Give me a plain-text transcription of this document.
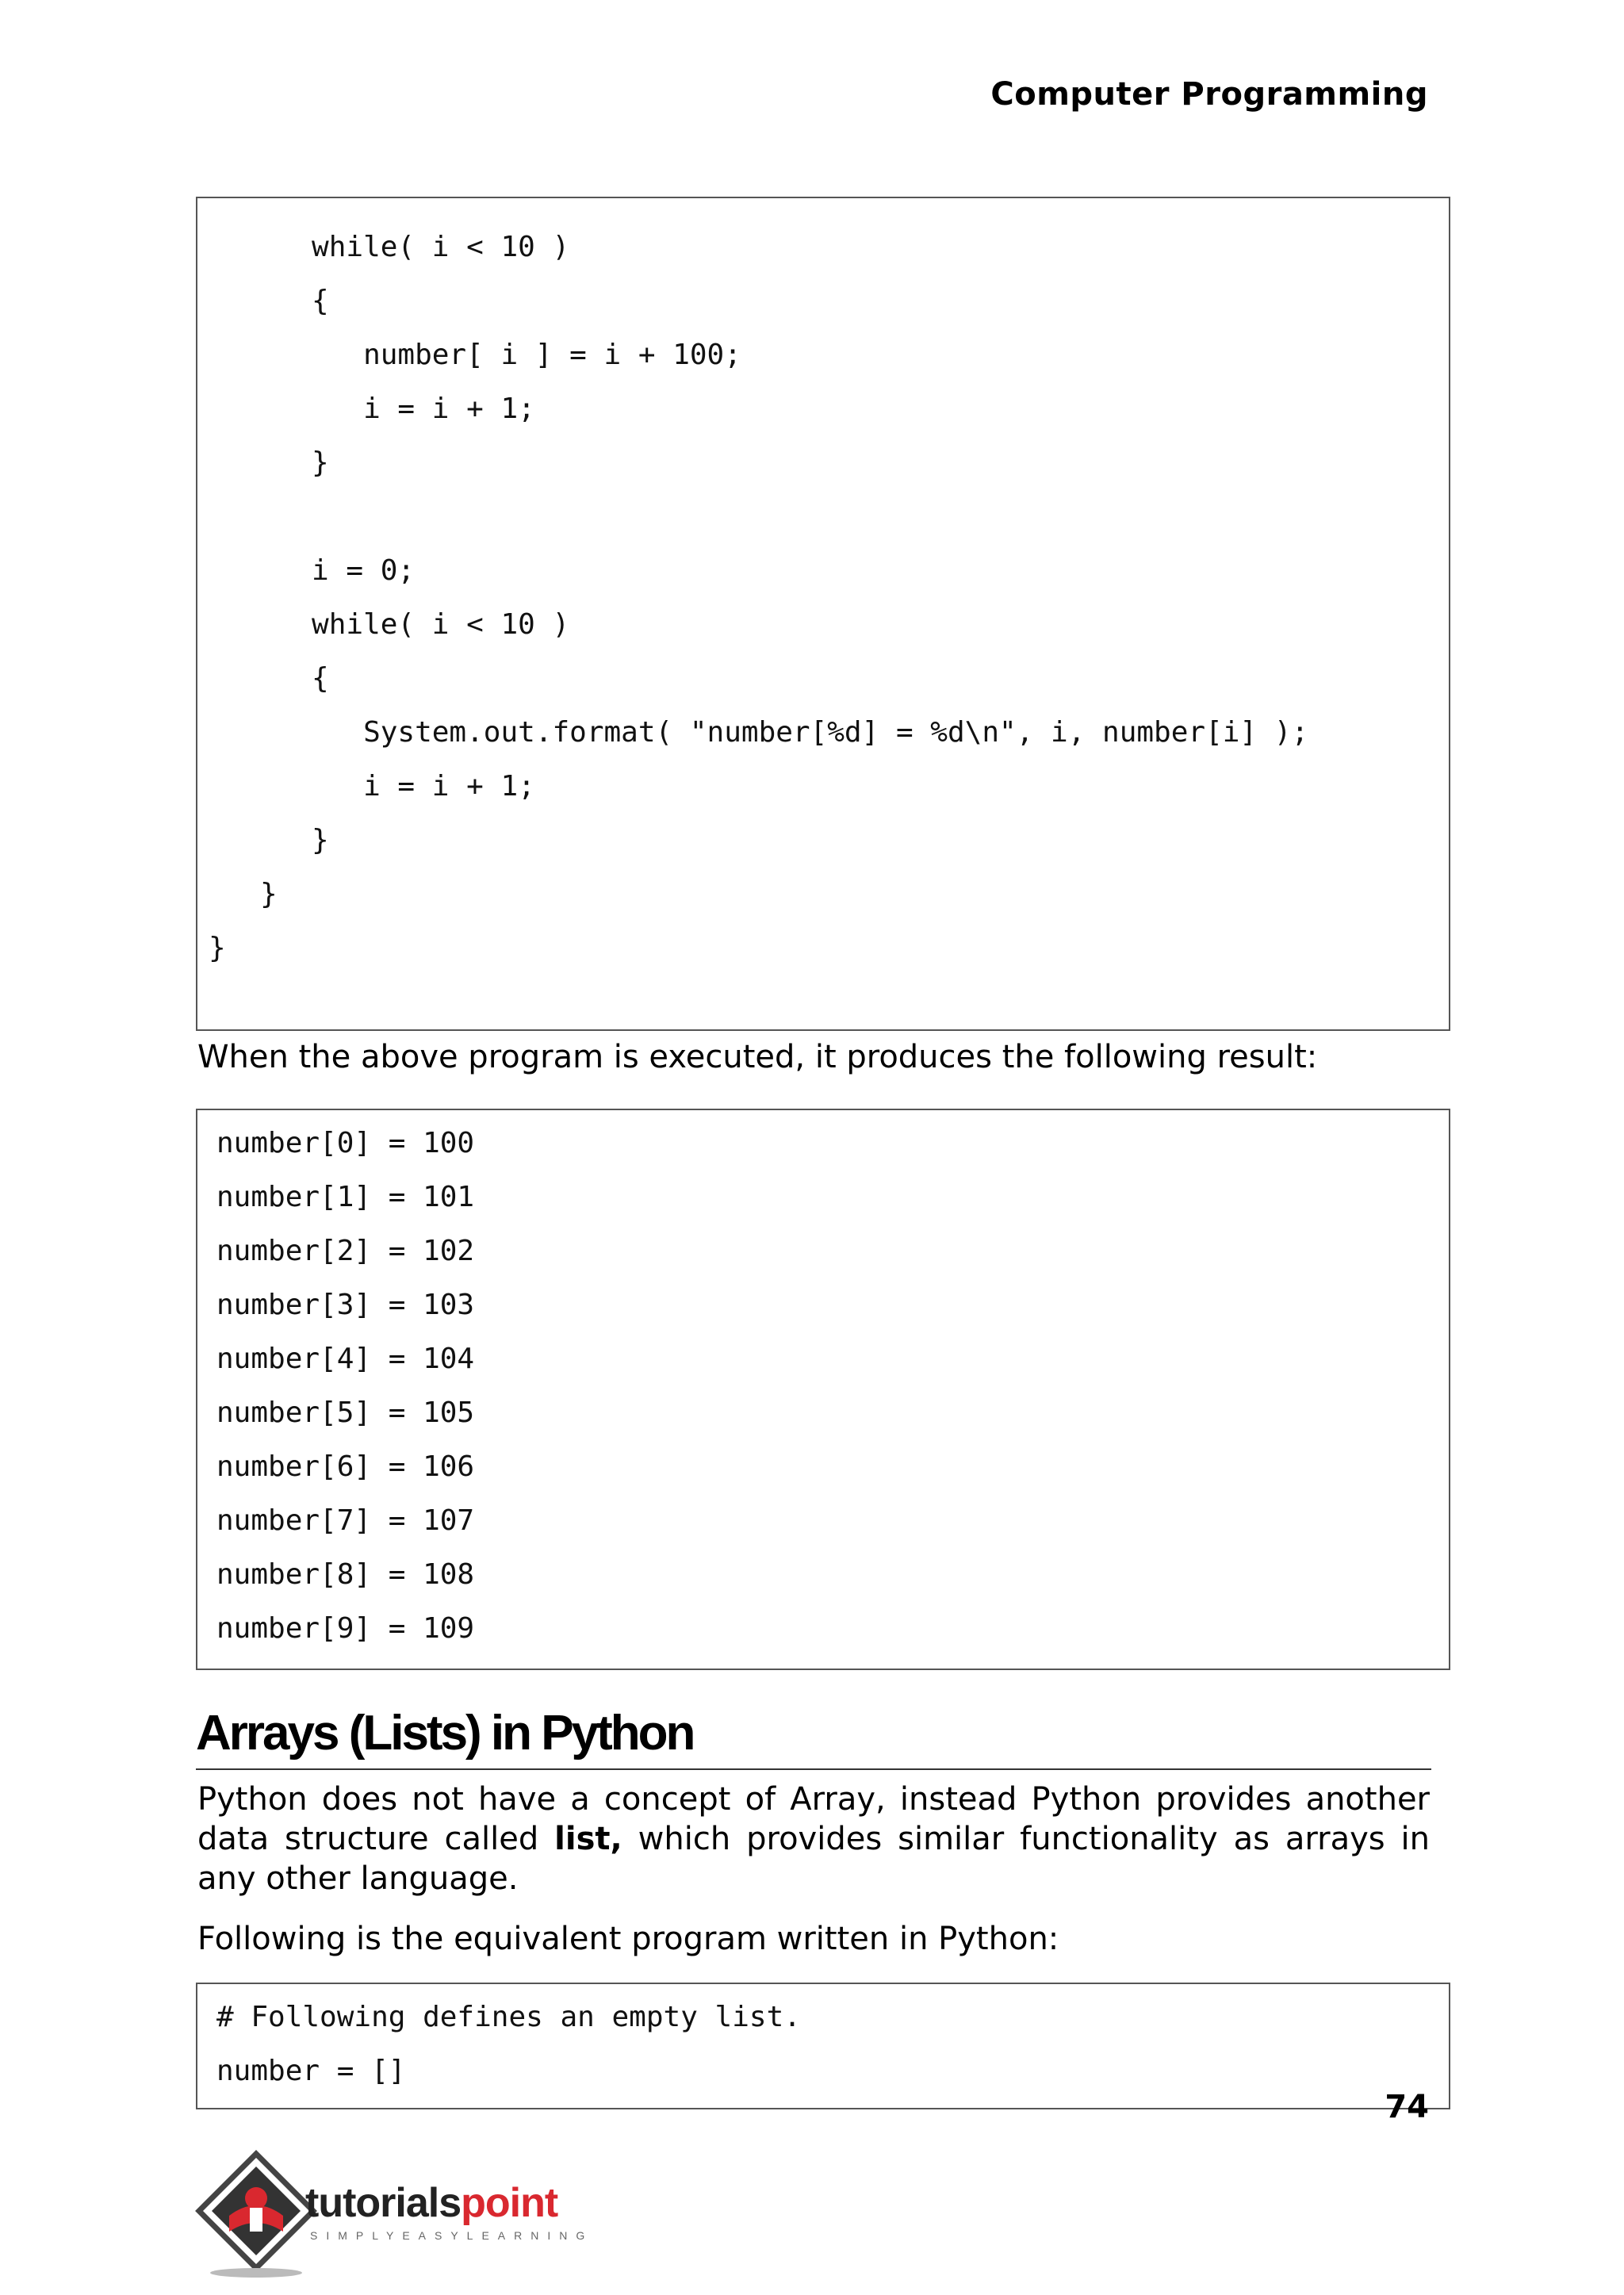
Computer Programming
while( i < 10 )
{
number[ i ] = i + 100;
i = i + 1;
}
i = 0;
while( i < 10 )
{
System.out.format( "number[%d] = %d\n", i, number[i] );
i = i + 1;
}
}
}
When the above program is executed, it produces the following result:
number[0] = 100
number[1] = 101
number[2] = 102
number[3] = 103
number[4] = 104
number[5] = 105
number[6] = 106
number[7] = 107
number[8] = 108
number[9] = 109
Arrays (Lists) in Python
Python does not have a concept of Array, instead Python provides another data structure called list, which provides similar functionality as arrays in any other language.
Following is the equivalent program written in Python:
# Following defines an empty list.
number = []
74
tutorialspoint
SIMPLYEASYLEARNING
